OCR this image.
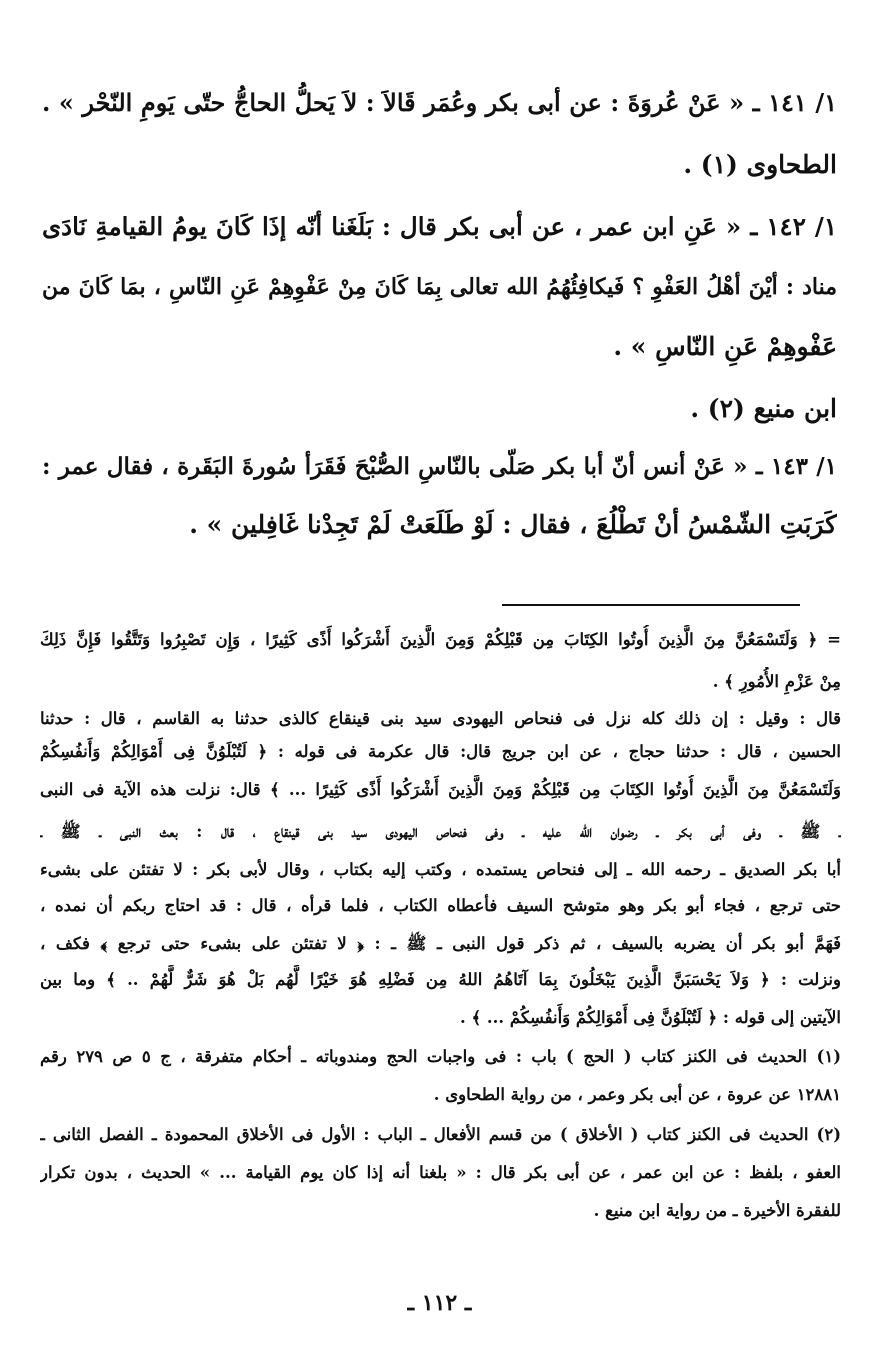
١/ ١٤١ ـ « عَنْ عُروَةَ : عن أبى بكر وعُمَر قَالاَ : لاَ يَحلُّ الحاجُّ حتّى يَومِ النّحْر » .
الطحاوى (١) .
١/ ١٤٢ ـ « عَنِ ابن عمر ، عن أبى بكر قال : بَلَغَنا أنّه إذَا كَانَ يومُ القيامةِ نَادَى
مناد : أيْنَ أهْلُ العَفْوِ ؟ فَيكافِئُهُمُ الله تعالى بِمَا كَانَ مِنْ عَفْوِهِمْ عَنِ النّاسِ ، بمَا كَانَ من
عَفْوهِمْ عَنِ النّاسِ » .
ابن منيع (٢) .
١/ ١٤٣ ـ « عَنْ أنس أنّ أبا بكر صَلّى بالنّاسِ الصُّبْحَ فَقَرَأ سُورةَ البَقَرة ، فقال عمر :
كَرَبَتِ الشّمْسُ أنْ تَطْلُعَ ، فقال : لَوْ طَلَعَتْ لَمْ تَجِدْنا غَافِلين » .
= ﴿ وَلَتَسْمَعُنَّ مِنَ الَّذِينَ أُوتُوا الكِتَابَ مِن قَبْلِكُمْ وَمِنَ الَّذِينَ أَشْرَكُوا أَذًى كَثِيرًا ، وَإِن تَصْبِرُوا وَتَتَّقُوا فَإِنَّ ذَلِكَ
مِنْ عَزْمِ الأُمُورِ ﴾ .
قال : وقيل : إن ذلك كله نزل فى فنحاص اليهودى سيد بنى قينقاع كالذى حدثنا به القاسم ، قال : حدثنا
الحسين ، قال : حدثنا حجاج ، عن ابن جريج قال: قال عكرمة فى قوله : ﴿ لَتُبْلَوُنَّ فِى أَمْوَالِكُمْ وَأَنفُسِكُمْ
وَلَتَسْمَعُنَّ مِنَ الَّذِينَ أُوتُوا الكِتَابَ مِن قَبْلِكُمْ وَمِنَ الَّذِينَ أَشْرَكُوا أَذًى كَثِيرًا ... ﴾ قال: نزلت هذه الآية فى النبى
ـ ﷺ ـ وفى أبى بكر ـ رضوان الله عليه ـ وفى فنحاص اليهودى سيد بنى قينقاع ، قال : بعث النبى ـ ﷺ ـ
أبا بكر الصديق ـ رحمه الله ـ إلى فنحاص يستمده ، وكتب إليه بكتاب ، وقال لأبى بكر : لا تفتئن على بشىء
حتى ترجع ، فجاء أبو بكر وهو متوشح السيف فأعطاه الكتاب ، فلما قرأه ، قال : قد احتاج ربكم أن نمده ،
فَهَمَّ أبو بكر أن يضربه بالسيف ، ثم ذكر قول النبى ـ ﷺ ـ : ﴿ لا تفتئن على بشىء حتى ترجع ﴾ فكف ،
ونزلت : ﴿ وَلاَ يَحْسَبَنَّ الَّذِينَ يَبْخَلُونَ بِمَا آتَاهُمُ اللهُ مِن فَضْلِهِ هُوَ خَيْرًا لَّهُم بَلْ هُوَ شَرٌّ لَّهُمْ .. ﴾ وما بين
الآيتين إلى قوله : ﴿ لَتُبْلَوُنَّ فِى أَمْوَالِكُمْ وَأَنفُسِكُمْ ... ﴾ .
(١) الحديث فى الكنز كتاب ( الحج ) باب : فى واجبات الحج ومندوباته ـ أحكام متفرقة ، ج ٥ ص ٢٧٩ رقم
١٢٨٨١ عن عروة ، عن أبى بكر وعمر ، من رواية الطحاوى .
(٢) الحديث فى الكنز كتاب ( الأخلاق ) من قسم الأفعال ـ الباب : الأول فى الأخلاق المحمودة ـ الفصل الثانى ـ
العفو ، بلفظ : عن ابن عمر ، عن أبى بكر قال : « بلغنا أنه إذا كان يوم القيامة ... » الحديث ، بدون تكرار
للفقرة الأخيرة ـ من رواية ابن منيع .
ـ ١١٢ ـ
